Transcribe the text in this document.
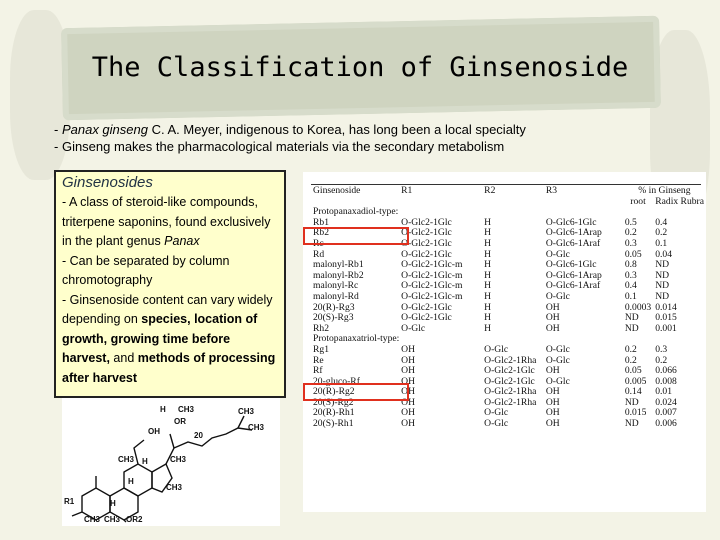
The Classification of Ginsenoside
- Panax ginseng C. A. Meyer, indigenous to Korea, has long been a local specialty
- Ginseng makes the pharmacological materials via the secondary metabolism
Ginsenosides

- A class of steroid-like compounds, triterpene saponins, found exclusively in the plant genus Panax
- Can be separated by column chromotography
- Ginsenoside content can vary widely depending on species, location of growth, growing time before harvest, and methods of processing after harvest

CH3
H
OH	CH3
20
OR
CH3
CH3
H
CH3
H
CH3
R1
OR2
CH3 CH3
H
Ginsenoside	R1	R2	R3	% in Ginseng	
				root	Radix Rubra
Protopanaxadiol-type:					
Rb1	O-Glc2-1Glc	H	O-Glc6-1Glc	0.5	0.4
Rb2	O-Glc2-1Glc	H	O-Glc6-1Arap	0.2	0.2
Rc	O-Glc2-1Glc	H	O-Glc6-1Araf	0.3	0.1
Rd	O-Glc2-1Glc	H	O-Glc	0.05	0.04
malonyl-Rb1	O-Glc2-1Glc-m	H	O-Glc6-1Glc	0.8	ND
malonyl-Rb2	O-Glc2-1Glc-m	H	O-Glc6-1Arap	0.3	ND
malonyl-Rc	O-Glc2-1Glc-m	H	O-Glc6-1Araf	0.4	ND
malonyl-Rd	O-Glc2-1Glc-m	H	O-Glc	0.1	ND
20(R)-Rg3	O-Glc2-1Glc	H	OH	0.0003	0.014
20(S)-Rg3	O-Glc2-1Glc	H	OH	ND	0.015
Rh2	O-Glc	H	OH	ND	0.001
Protopanaxatriol-type:					
Rg1	OH	O-Glc	O-Glc	0.2	0.3
Re	OH	O-Glc2-1Rha	O-Glc	0.2	0.2
Rf	OH	O-Glc2-1Glc	OH	0.05	0.066
20-gluco-Rf	OH	O-Glc2-1Glc	O-Glc	0.005	0.008
20(R)-Rg2	OH	O-Glc2-1Rha	OH	0.14	0.01
20(S)-Rg2	OH	O-Glc2-1Rha	OH	ND	0.024
20(R)-Rh1	OH	O-Glc	OH	0.015	0.007
20(S)-Rh1	OH	O-Glc	OH	ND	0.006
